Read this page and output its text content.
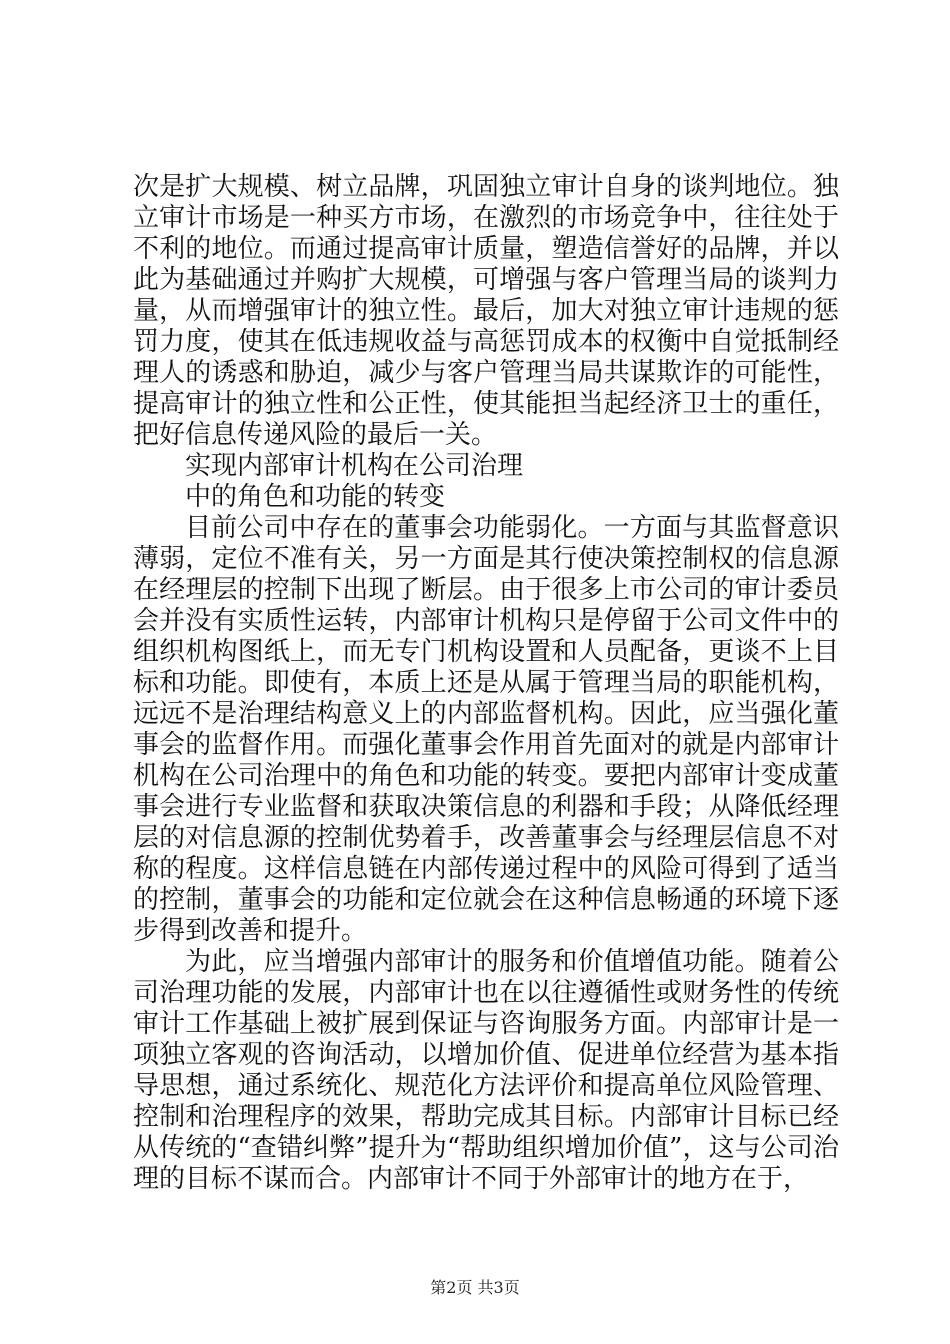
次是扩大规模、树立品牌，巩固独立审计自身的谈判地位。独立审计市场是一种买方市场，在激烈的市场竞争中，往往处于不利的地位。而通过提高审计质量，塑造信誉好的品牌，并以此为基础通过并购扩大规模，可增强与客户管理当局的谈判力量，从而增强审计的独立性。最后，加大对独立审计违规的惩罚力度，使其在低违规收益与高惩罚成本的权衡中自觉抵制经理人的诱惑和胁迫，减少与客户管理当局共谋欺诈的可能性，提高审计的独立性和公正性，使其能担当起经济卫士的重任，把好信息传递风险的最后一关。

实现内部审计机构在公司治理

中的角色和功能的转变

目前公司中存在的董事会功能弱化。一方面与其监督意识薄弱，定位不准有关，另一方面是其行使决策控制权的信息源在经理层的控制下出现了断层。由于很多上市公司的审计委员会并没有实质性运转，内部审计机构只是停留于公司文件中的组织机构图纸上，而无专门机构设置和人员配备，更谈不上目标和功能。即使有，本质上还是从属于管理当局的职能机构，远远不是治理结构意义上的内部监督机构。因此，应当强化董事会的监督作用。而强化董事会作用首先面对的就是内部审计机构在公司治理中的角色和功能的转变。要把内部审计变成董事会进行专业监督和获取决策信息的利器和手段；从降低经理层的对信息源的控制优势着手，改善董事会与经理层信息不对称的程度。这样信息链在内部传递过程中的风险可得到了适当的控制，董事会的功能和定位就会在这种信息畅通的环境下逐步得到改善和提升。

为此，应当增强内部审计的服务和价值增值功能。随着公司治理功能的发展，内部审计也在以往遵循性或财务性的传统审计工作基础上被扩展到保证与咨询服务方面。内部审计是一项独立客观的咨询活动，以增加价值、促进单位经营为基本指导思想，通过系统化、规范化方法评价和提高单位风险管理、控制和治理程序的效果，帮助完成其目标。内部审计目标已经从传统的“查错纠弊”提升为“帮助组织增加价值”，这与公司治理的目标不谋而合。内部审计不同于外部审计的地方在于，

第2页 共3页
